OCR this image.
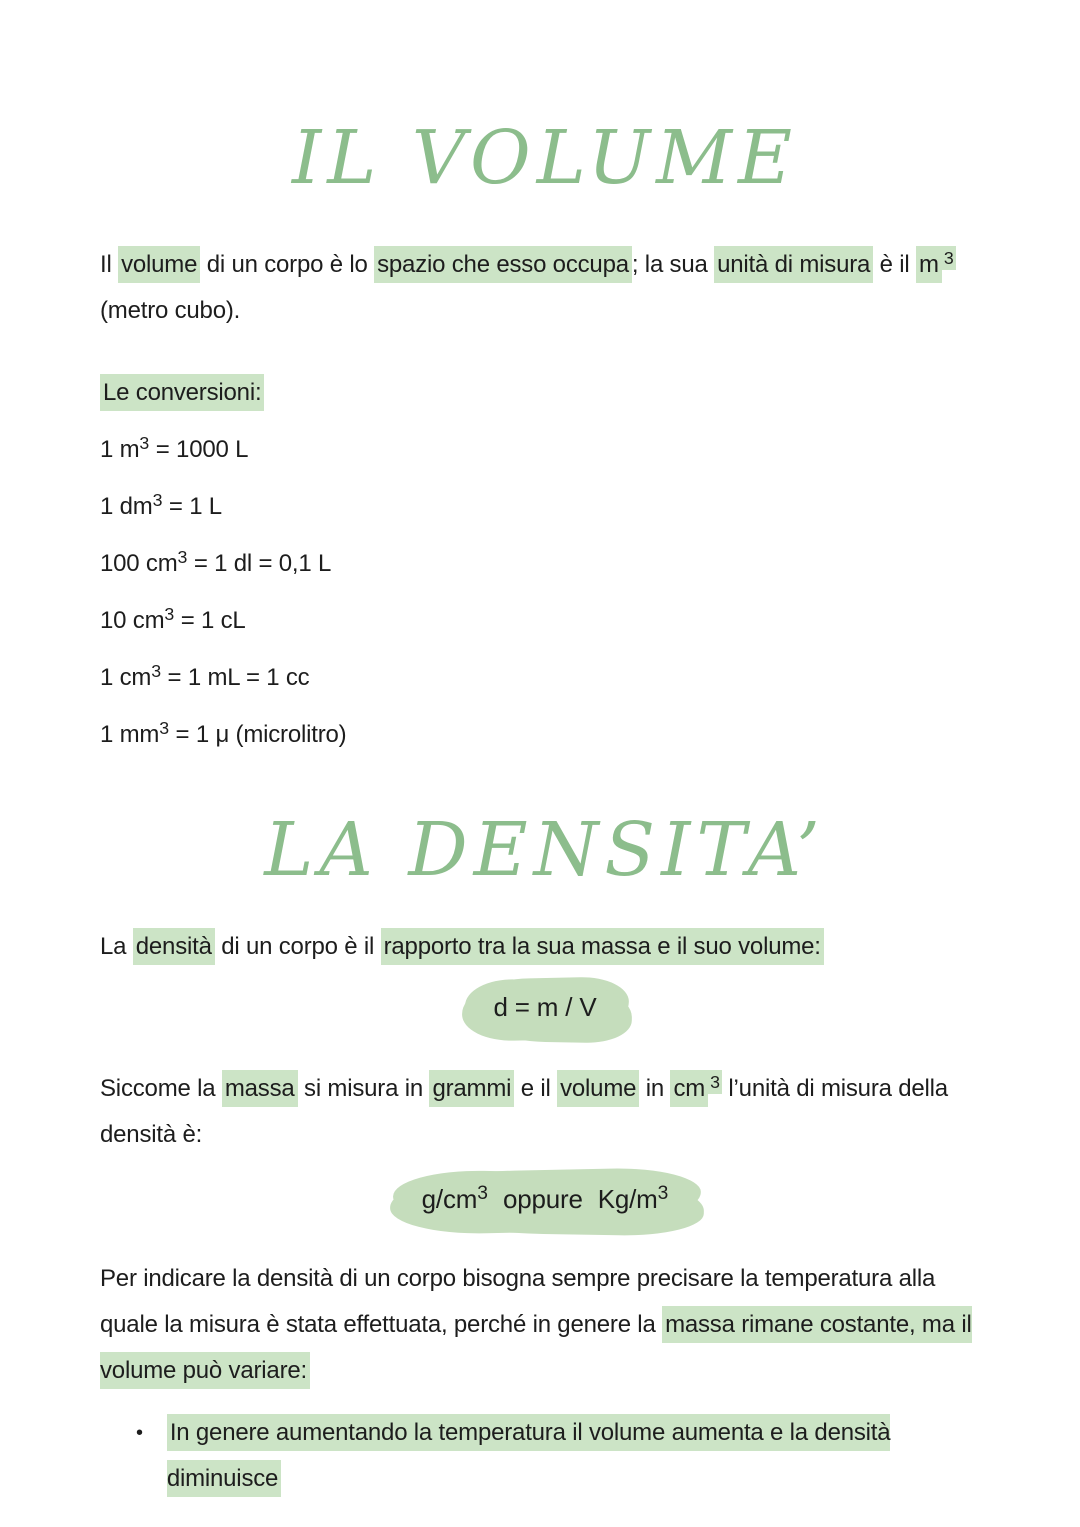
IL VOLUME

Il volume di un corpo è lo spazio che esso occupa ; la sua unità di misura è il m $^3$ (metro cubo).

Le conversioni:

1 $m^3 = 1000$ L
1 $dm^3 = 1$ L
100 $cm^3 = 1$ dl = 0,1 L
10 $cm^3 = 1$ cL
1 $cm^3 = 1$ mL = 1 cc
1 $mm^3 = 1$ μ (microlitro)
LA DENSITA’

La densità di un corpo è il rapporto tra la sua massa e il suo volume:

d = m / V

Siccome la massa si misura in grammi e il volume in cm $^3$ l’unità di misura della densità è:

$g/cm^3$ oppure $Kg/m^3$

Per indicare la densità di un corpo bisogna sempre precisare la temperatura alla quale la misura è stata effettuata, perché in genere la massa rimane costante, ma il volume può variare:

• In genere aumentando la temperatura il volume aumenta e la densità diminuisce
